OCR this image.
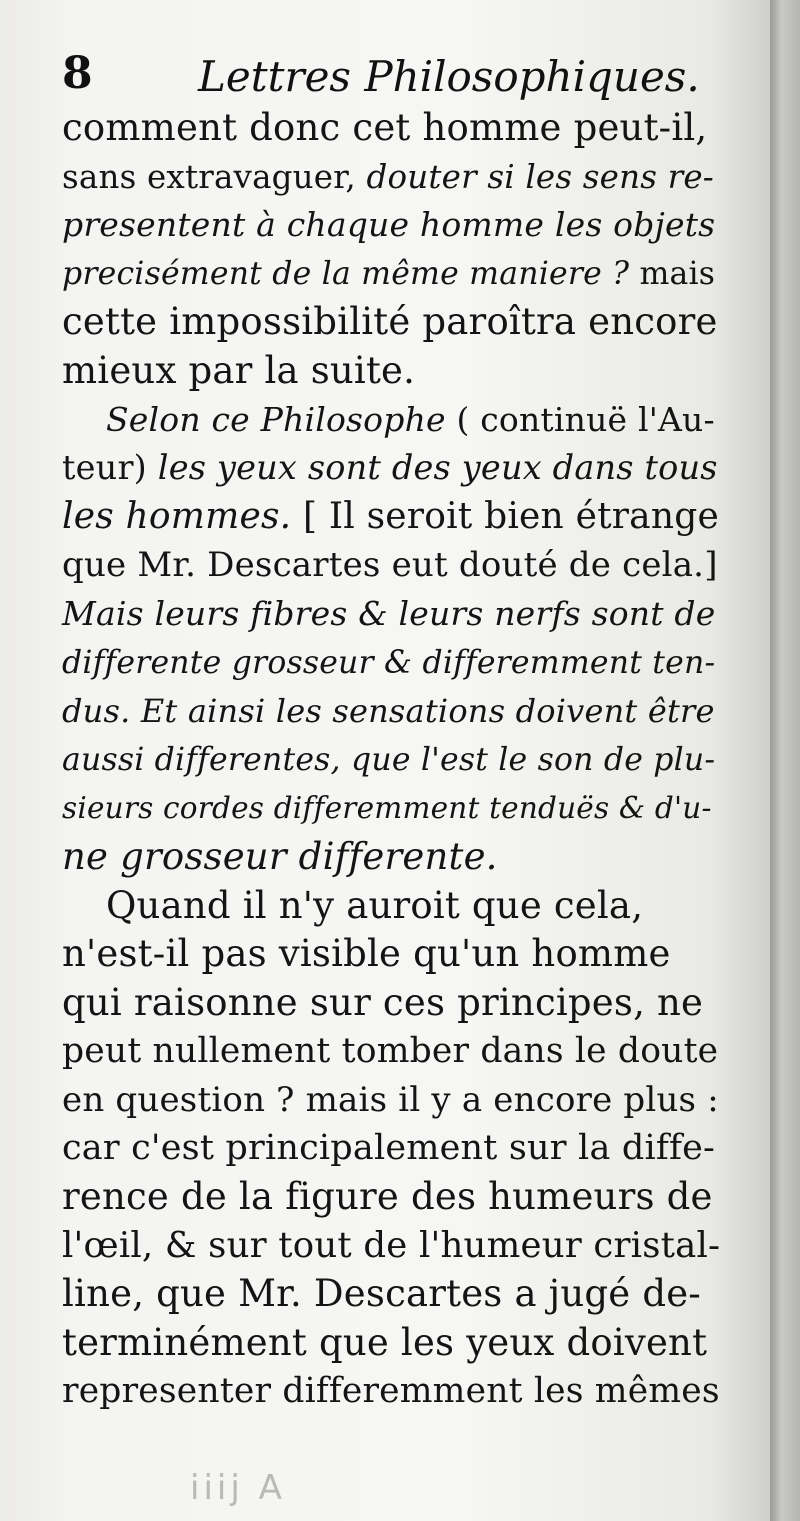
8	Lettres Philosophiques.
comment donc cet homme peut-il,
sans extravaguer, douter si les sens re-
presentent à chaque homme les objets
precisément de la même maniere ? mais
cette impossibilité paroîtra encore
mieux par la suite.
Selon ce Philosophe ( continuë l'Au-
teur) les yeux sont des yeux dans tous
les hommes. [ Il seroit bien étrange
que Mr. Descartes eut douté de cela.]
Mais leurs fibres & leurs nerfs sont de
differente grosseur & differemment ten-
dus. Et ainsi les sensations doivent être
aussi differentes, que l'est le son de plu-
sieurs cordes differemment tenduës & d'u-
ne grosseur differente.
Quand il n'y auroit que cela,
n'est-il pas visible qu'un homme
qui raisonne sur ces principes, ne
peut nullement tomber dans le doute
en question ? mais il y a encore plus :
car c'est principalement sur la diffe-
rence de la figure des humeurs de
l'œil, & sur tout de l'humeur cristal-
line, que Mr. Descartes a jugé de-
terminément que les yeux doivent
representer differemment les mêmes
iiij A
